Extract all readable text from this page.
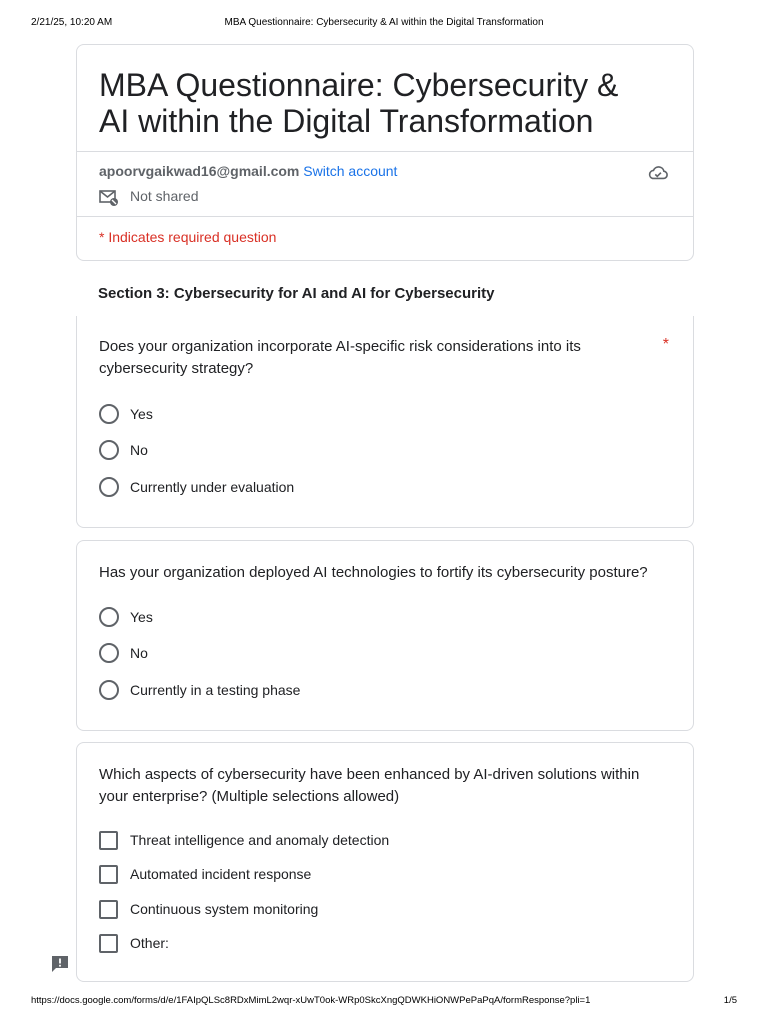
2/21/25, 10:20 AM	MBA Questionnaire: Cybersecurity & AI within the Digital Transformation
MBA Questionnaire: Cybersecurity & AI within the Digital Transformation
apoorvgaikwad16@gmail.com Switch account
Not shared
* Indicates required question
Section 3: Cybersecurity for AI and AI for Cybersecurity
Does your organization incorporate AI-specific risk considerations into its cybersecurity strategy?
*
Yes
No
Currently under evaluation
Has your organization deployed AI technologies to fortify its cybersecurity posture?
Yes
No
Currently in a testing phase
Which aspects of cybersecurity have been enhanced by AI-driven solutions within your enterprise? (Multiple selections allowed)
Threat intelligence and anomaly detection
Automated incident response
Continuous system monitoring
Other:
https://docs.google.com/forms/d/e/1FAIpQLSc8RDxMimL2wqr-xUwT0ok-WRp0SkcXngQDWKHiONWPePaPqA/formResponse?pli=1	1/5
